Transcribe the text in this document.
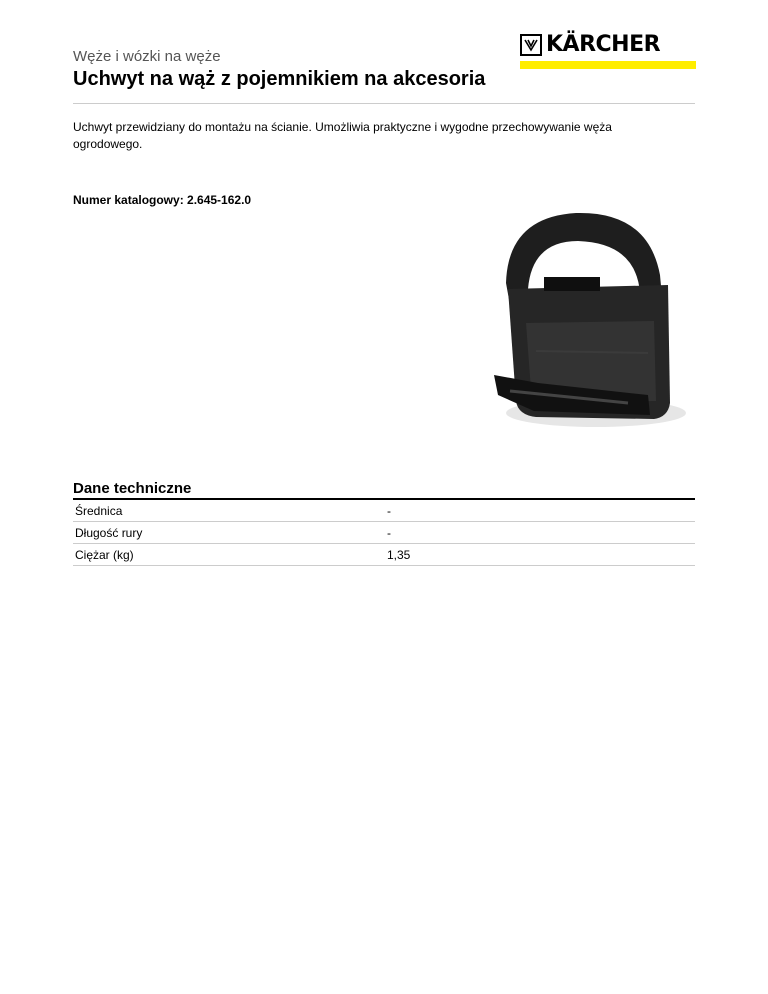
Węże i wózki na węże
Uchwyt na wąż z pojemnikiem na akcesoria
KÄRCHER
Uchwyt przewidziany do montażu na ścianie. Umożliwia praktyczne i wygodne przechowywanie węża ogrodowego.
Numer katalogowy: 2.645-162.0
Dane techniczne
Średnica	-
Długość rury	-
Ciężar (kg)	1,35
